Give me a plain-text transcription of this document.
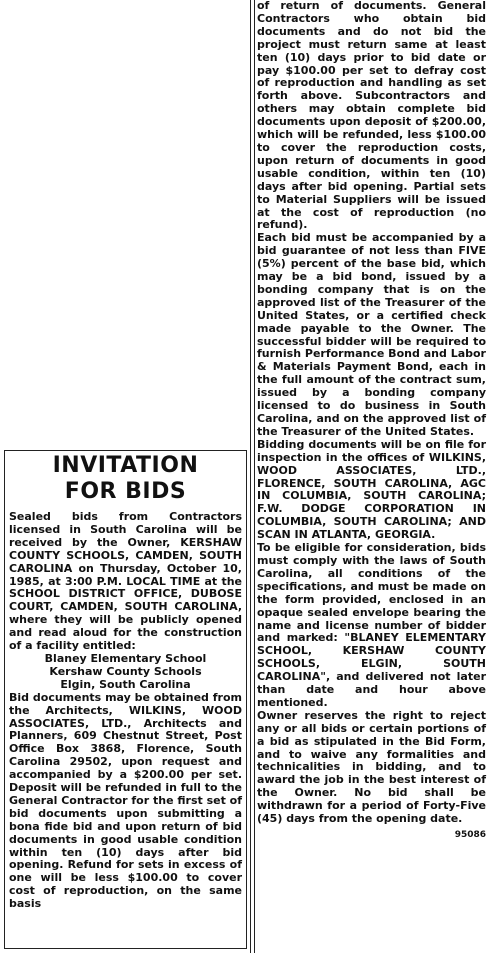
INVITATION
FOR BIDS

Sealed bids from Contractors licensed in South Carolina will be received by the Owner, KERSHAW COUNTY SCHOOLS, CAMDEN, SOUTH CAROLINA on Thursday, October 10, 1985, at 3:00 P.M. LOCAL TIME at the SCHOOL DISTRICT OFFICE, DUBOSE COURT, CAMDEN, SOUTH CAROLINA, where they will be publicly opened and read aloud for the construction of a facility entitled:

Blaney Elementary School

Kershaw County Schools

Elgin, South Carolina

Bid documents may be obtained from the Architects, WILKINS, WOOD ASSOCIATES, LTD., Architects and Planners, 609 Chestnut Street, Post Office Box 3868, Florence, South Carolina 29502, upon request and accompanied by a $200.00 per set. Deposit will be refunded in full to the General Contractor for the first set of bid documents upon submitting a bona fide bid and upon return of bid documents in good usable condition within ten (10) days after bid opening. Refund for sets in excess of one will be less $100.00 to cover cost of reproduction, on the same basis

of return of documents. General Contractors who obtain bid documents and do not bid the project must return same at least ten (10) days prior to bid date or pay $100.00 per set to defray cost of reproduction and handling as set forth above. Subcontractors and others may obtain complete bid documents upon deposit of $200.00, which will be refunded, less $100.00 to cover the reproduction costs, upon return of documents in good usable condition, within ten (10) days after bid opening. Partial sets to Material Suppliers will be issued at the cost of reproduction (no refund).

Each bid must be accompanied by a bid guarantee of not less than FIVE (5%) percent of the base bid, which may be a bid bond, issued by a bonding company that is on the approved list of the Treasurer of the United States, or a certified check made payable to the Owner. The successful bidder will be required to furnish Performance Bond and Labor & Materials Payment Bond, each in the full amount of the contract sum, issued by a bonding company licensed to do business in South Carolina, and on the approved list of the Treasurer of the United States.

Bidding documents will be on file for inspection in the offices of WILKINS, WOOD ASSOCIATES, LTD., FLORENCE, SOUTH CAROLINA, AGC IN COLUMBIA, SOUTH CAROLINA; F.W. DODGE CORPORATION IN COLUMBIA, SOUTH CAROLINA; AND SCAN IN ATLANTA, GEORGIA.

To be eligible for consideration, bids must comply with the laws of South Carolina, all conditions of the specifications, and must be made on the form provided, enclosed in an opaque sealed envelope bearing the name and license number of bidder and marked: "BLANEY ELEMENTARY SCHOOL, KERSHAW COUNTY SCHOOLS, ELGIN, SOUTH CAROLINA", and delivered not later than date and hour above mentioned.

Owner reserves the right to reject any or all bids or certain portions of a bid as stipulated in the Bid Form, and to waive any formalities and technicalities in bidding, and to award the job in the best interest of the Owner. No bid shall be withdrawn for a period of Forty-Five (45) days from the opening date.

95086
